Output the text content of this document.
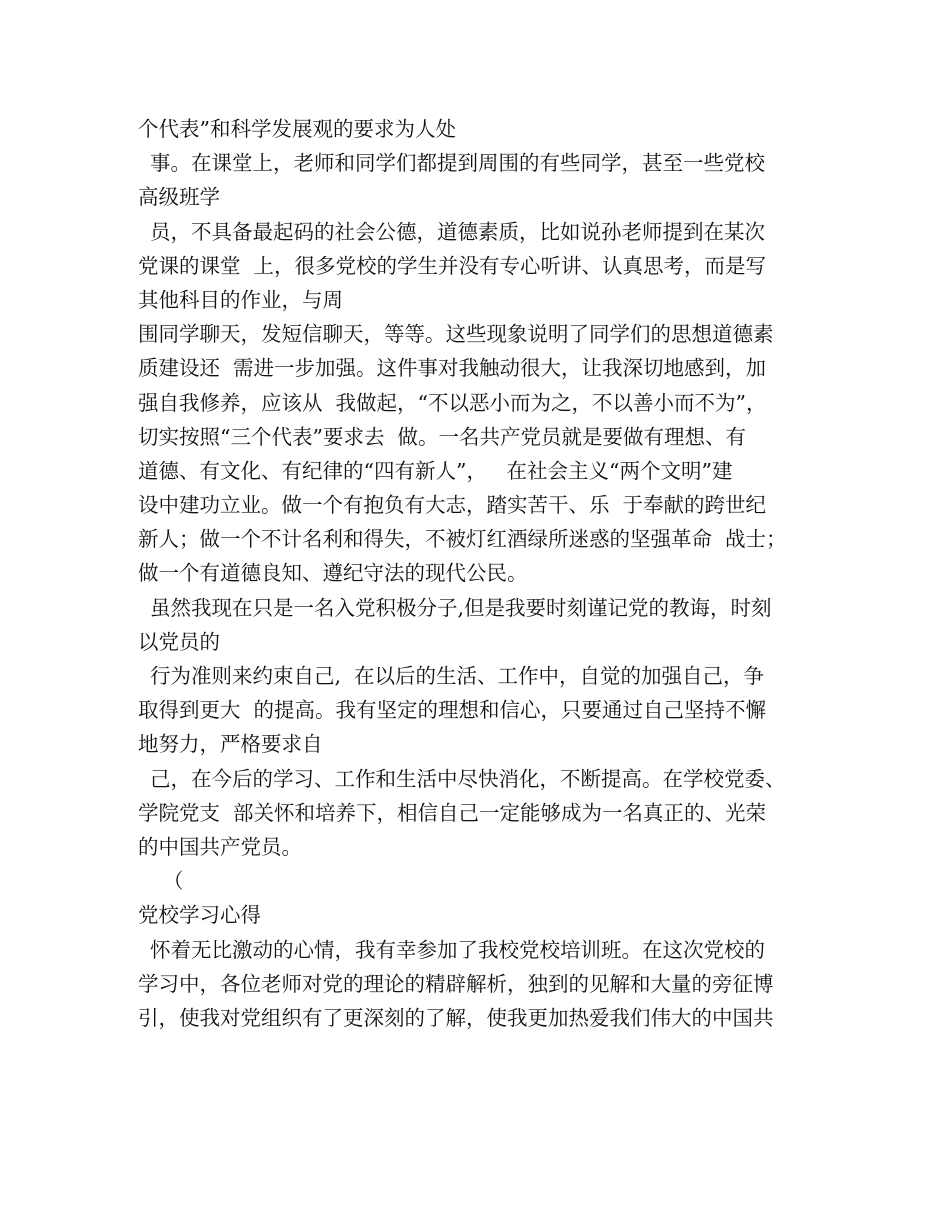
个代表”和科学发展观的要求为人处
事。在课堂上，老师和同学们都提到周围的有些同学，甚至一些党校
高级班学
员，不具备最起码的社会公德，道德素质，比如说孙老师提到在某次
党课的课堂  上，很多党校的学生并没有专心听讲、认真思考，而是写
其他科目的作业，与周
围同学聊天，发短信聊天，等等。这些现象说明了同学们的思想道德素
质建设还  需进一步加强。这件事对我触动很大，让我深切地感到，加
强自我修养，应该从  我做起，“不以恶小而为之，不以善小而不为”，
切实按照“三个代表”要求去  做。一名共产党员就是要做有理想、有
道德、有文化、有纪律的“四有新人”，   在社会主义“两个文明”建
设中建功立业。做一个有抱负有大志，踏实苦干、乐  于奉献的跨世纪
新人；做一个不计名利和得失，不被灯红酒绿所迷惑的坚强革命  战士；
做一个有道德良知、遵纪守法的现代公民。
虽然我现在只是一名入党积极分子,但是我要时刻谨记党的教诲，时刻
以党员的
行为准则来约束自己,  在以后的生活、工作中，自觉的加强自己，争
取得到更大  的提高。我有坚定的理想和信心，只要通过自己坚持不懈
地努力，严格要求自
己，在今后的学习、工作和生活中尽快消化，不断提高。在学校党委、
学院党支  部关怀和培养下，相信自己一定能够成为一名真正的、光荣
的中国共产党员。
（
党校学习心得
怀着无比激动的心情，我有幸参加了我校党校培训班。在这次党校的
学习中，各位老师对党的理论的精辟解析，独到的见解和大量的旁征博
引，使我对党组织有了更深刻的了解，使我更加热爱我们伟大的中国共
